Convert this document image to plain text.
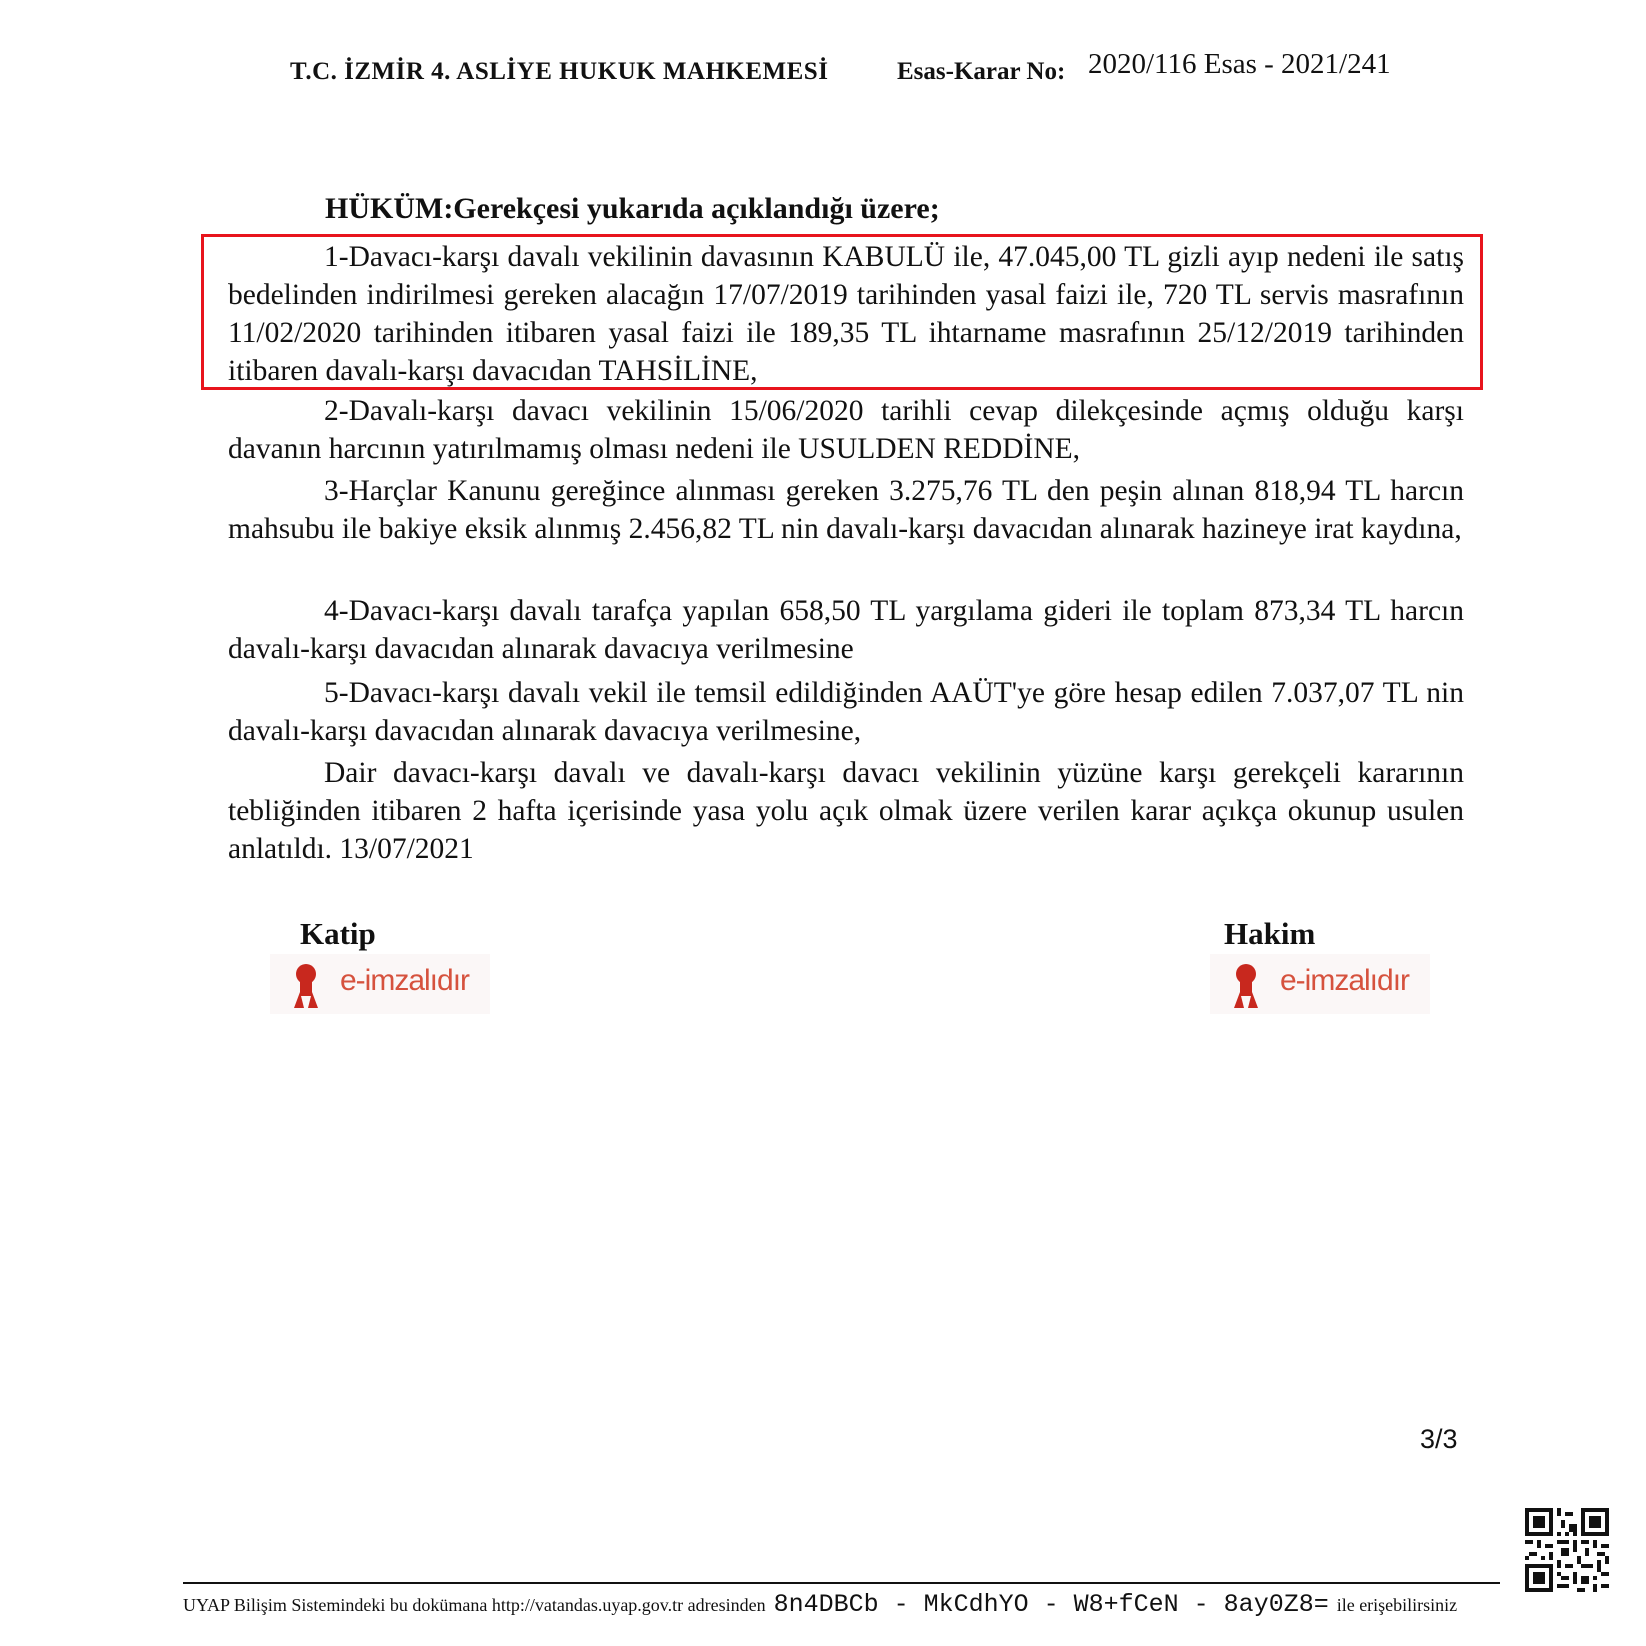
T.C. İZMİR 4. ASLİYE HUKUK MAHKEMESİ	Esas-Karar No: 2020/116 Esas - 2021/241
HÜKÜM:Gerekçesi yukarıda açıklandığı üzere;

1-Davacı-karşı davalı vekilinin davasının KABULÜ ile, 47.045,00 TL gizli ayıp nedeni ile satış bedelinden indirilmesi gereken alacağın 17/07/2019 tarihinden yasal faizi ile, 720 TL servis masrafının 11/02/2020 tarihinden itibaren yasal faizi ile 189,35 TL ihtarname masrafının 25/12/2019 tarihinden itibaren davalı-karşı davacıdan TAHSİLİNE,

2-Davalı-karşı davacı vekilinin 15/06/2020 tarihli cevap dilekçesinde açmış olduğu karşı davanın harcının yatırılmamış olması nedeni ile USULDEN REDDİNE,

3-Harçlar Kanunu gereğince alınması gereken 3.275,76 TL den peşin alınan 818,94 TL harcın mahsubu ile bakiye eksik alınmış 2.456,82 TL nin davalı-karşı davacıdan alınarak hazineye irat kaydına,

4-Davacı-karşı davalı tarafça yapılan 658,50 TL yargılama gideri ile toplam 873,34 TL harcın davalı-karşı davacıdan alınarak davacıya verilmesine

5-Davacı-karşı davalı vekil ile temsil edildiğinden AAÜT'ye göre hesap edilen 7.037,07 TL nin davalı-karşı davacıdan alınarak davacıya verilmesine,

Dair davacı-karşı davalı ve davalı-karşı davacı vekilinin yüzüne karşı gerekçeli kararının tebliğinden itibaren 2 hafta içerisinde yasa yolu açık olmak üzere verilen karar açıkça okunup usulen anlatıldı. 13/07/2021

Katip
e-imzalıdır
Hakim
e-imzalıdır
3/3
UYAP Bilişim Sistemindeki bu dokümana http://vatandas.uyap.gov.tr adresinden 8n4DBCb - MkCdhYO - W8+fCeN - 8ay0Z8= ile erişebilirsiniz
